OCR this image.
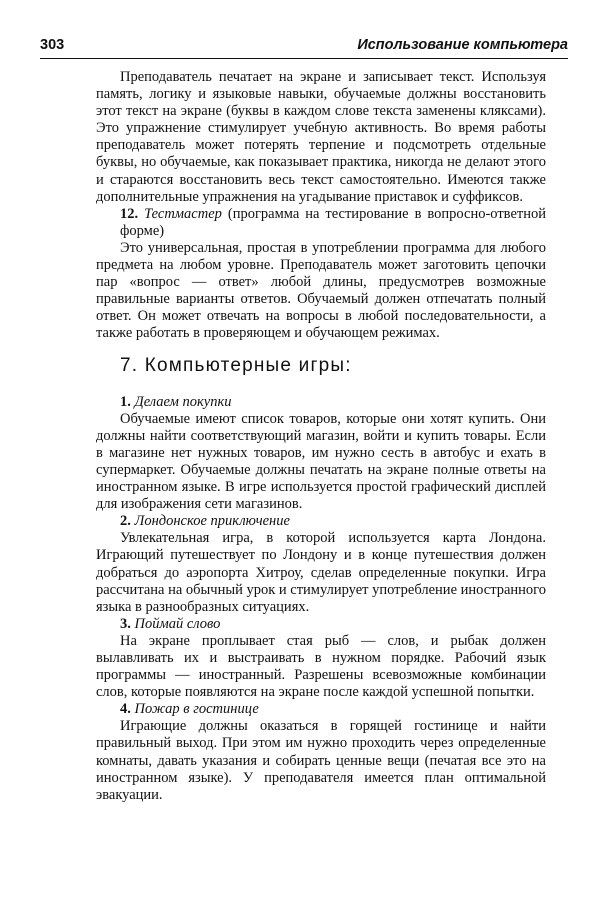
303	Использование компьютера

Преподаватель печатает на экране и записывает текст. Используя память, логику и языковые навыки, обучаемые должны восстановить этот текст на экране (буквы в каждом слове текста заменены кляксами). Это упражнение стимулирует учебную активность. Во время работы преподаватель может потерять терпение и подсмотреть отдельные буквы, но обучаемые, как показывает практика, никогда не делают этого и стараются восстановить весь текст самостоятельно. Имеются также дополнительные упражнения на угадывание приставок и суффиксов.

12. Тестмастер (программа на тестирование в вопросно-ответной форме)

Это универсальная, простая в употреблении программа для любого предмета на любом уровне. Преподаватель может заготовить цепочки пар «вопрос — ответ» любой длины, предусмотрев возможные правильные варианты ответов. Обучаемый должен отпечатать полный ответ. Он может отвечать на вопросы в любой последовательности, а также работать в проверяющем и обучающем режимах.

7. Компьютерные игры:

1. Делаем покупки

Обучаемые имеют список товаров, которые они хотят купить. Они должны найти соответствующий магазин, войти и купить товары. Если в магазине нет нужных товаров, им нужно сесть в автобус и ехать в супермаркет. Обучаемые должны печатать на экране полные ответы на иностранном языке. В игре используется простой графический дисплей для изображения сети магазинов.

2. Лондонское приключение

Увлекательная игра, в которой используется карта Лондона. Играющий путешествует по Лондону и в конце путешествия должен добраться до аэропорта Хитроу, сделав определенные покупки. Игра рассчитана на обычный урок и стимулирует употребление иностранного языка в разнообразных ситуациях.

3. Поймай слово

На экране проплывает стая рыб — слов, и рыбак должен вылавливать их и выстраивать в нужном порядке. Рабочий язык программы — иностранный. Разрешены всевозможные комбинации слов, которые появляются на экране после каждой успешной попытки.

4. Пожар в гостинице

Играющие должны оказаться в горящей гостинице и найти правильный выход. При этом им нужно проходить через определенные комнаты, давать указания и собирать ценные вещи (печатая все это на иностранном языке). У преподавателя имеется план оптимальной эвакуации.
